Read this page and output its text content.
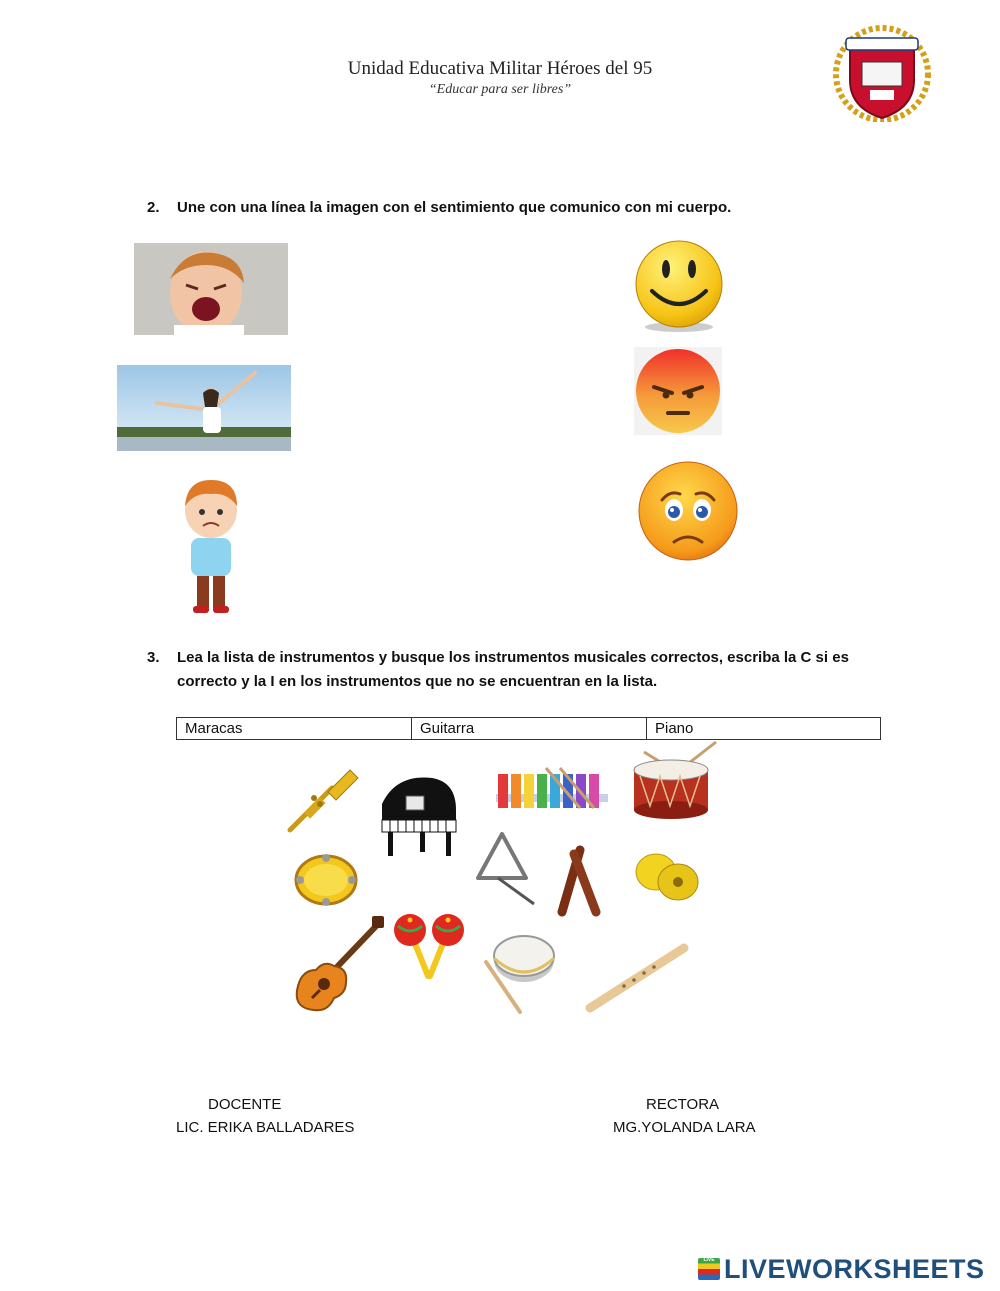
Unidad Educativa Militar Héroes del 95
“Educar para ser libres”
2. Une con una línea la imagen con el sentimiento que comunico con mi cuerpo.
3. Lea la lista de instrumentos y busque los instrumentos musicales correctos, escriba la C si es correcto y la I en los instrumentos que no se encuentran en la lista.
Maracas	Guitarra	Piano
DOCENTE
LIC. ERIKA BALLADARES
RECTORA
MG.YOLANDA LARA
LIVE LIVEWORKSHEETS
